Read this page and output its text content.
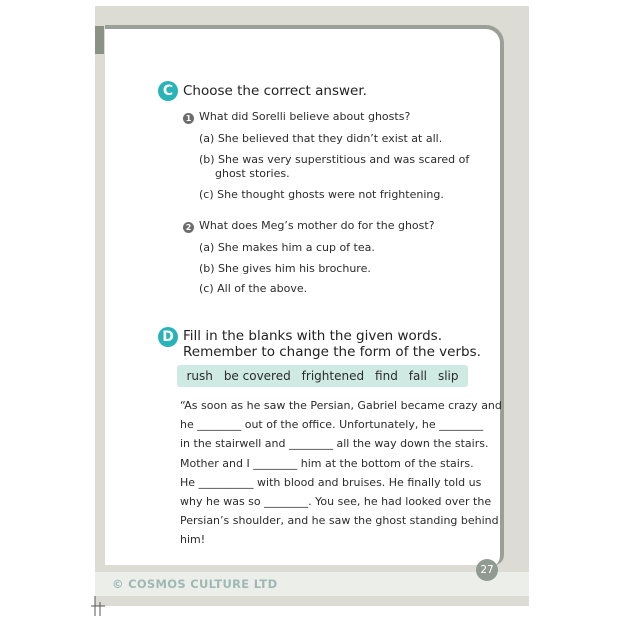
C Choose the correct answer.
1 What did Sorelli believe about ghosts?
(a) She believed that they didn’t exist at all.
(b) She was very superstitious and was scared of
ghost stories.
(c) She thought ghosts were not frightening.
2 What does Meg’s mother do for the ghost?
(a) She makes him a cup of tea.
(b) She gives him his brochure.
(c) All of the above.
D Fill in the blanks with the given words.
Remember to change the form of the verbs.
rush be covered frightened find fall slip
“As soon as he saw the Persian, Gabriel became crazy and
he ________ out of the office. Unfortunately, he ________
in the stairwell and ________ all the way down the stairs.
Mother and I ________ him at the bottom of the stairs.
He __________ with blood and bruises. He finally told us
why he was so ________. You see, he had looked over the
Persian’s shoulder, and he saw the ghost standing behind
him!
27
© COSMOS CULTURE LTD
